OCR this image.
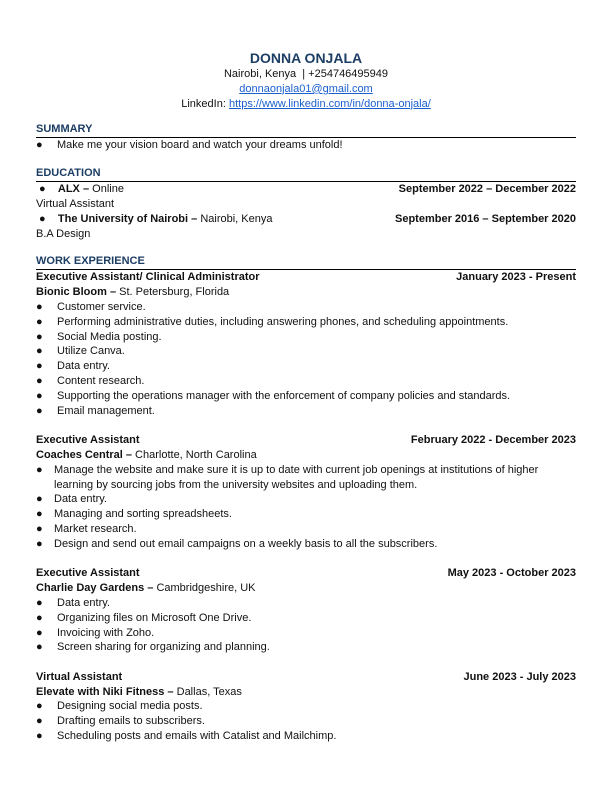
DONNA ONJALA
Nairobi, Kenya  | +254746495949
donnaonjala01@gmail.com
LinkedIn: https://www.linkedin.com/in/donna-onjala/
SUMMARY
● Make me your vision board and watch your dreams unfold!
EDUCATION
● ALX – Online	September 2022 – December 2022
Virtual Assistant
● The University of Nairobi – Nairobi, Kenya	September 2016 – September 2020
B.A Design
WORK EXPERIENCE
Executive Assistant/ Clinical Administrator	January 2023 - Present
Bionic Bloom – St. Petersburg, Florida
● Customer service.
● Performing administrative duties, including answering phones, and scheduling appointments.
● Social Media posting.
● Utilize Canva.
● Data entry.
● Content research.
● Supporting the operations manager with the enforcement of company policies and standards.
● Email management.
Executive Assistant	February 2022 - December 2023
Coaches Central – Charlotte, North Carolina
● Manage the website and make sure it is up to date with current job openings at institutions of higher learning by sourcing jobs from the university websites and uploading them.
● Data entry.
● Managing and sorting spreadsheets.
● Market research.
● Design and send out email campaigns on a weekly basis to all the subscribers.
Executive Assistant	May 2023 - October 2023
Charlie Day Gardens – Cambridgeshire, UK
● Data entry.
● Organizing files on Microsoft One Drive.
● Invoicing with Zoho.
● Screen sharing for organizing and planning.
Virtual Assistant	June 2023 - July 2023
Elevate with Niki Fitness – Dallas, Texas
● Designing social media posts.
● Drafting emails to subscribers.
● Scheduling posts and emails with Catalist and Mailchimp.
